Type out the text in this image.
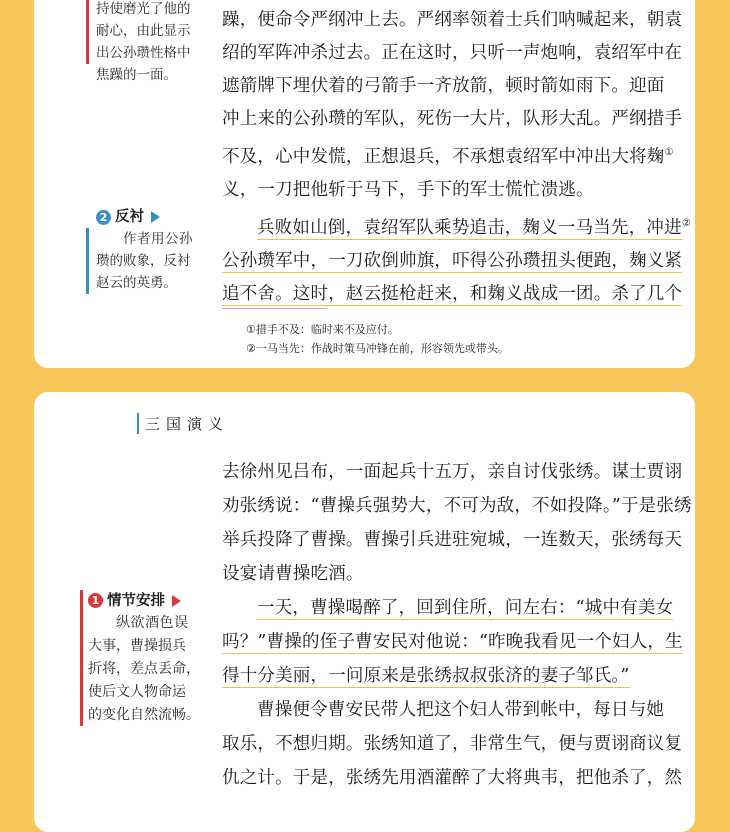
持使磨光了他的
耐心，由此显示
出公孙瓒性格中
焦躁的一面。
2 反衬
作者用公孙
瓒的败象，反衬
赵云的英勇。

躁，便命令严纲冲上去。严纲率领着士兵们呐喊起来，朝袁
绍的军阵冲杀过去。正在这时，只听一声炮响，袁绍军中在
遮箭牌下埋伏着的弓箭手一齐放箭，顿时箭如雨下。迎面
冲上来的公孙瓒的军队，死伤一大片，队形大乱。严纲措手
不及，心中发慌，正想退兵，不承想袁绍军中冲出大将麹①
义，一刀把他斩于马下，手下的军士慌忙溃逃。

兵败如山倒，袁绍军队乘势追击，麹义一马当先，冲进②
公孙瓒军中，一刀砍倒帅旗，吓得公孙瓒扭头便跑，麹义紧
追不舍。这时，赵云挺枪赶来，和麹义战成一团。杀了几个

①措手不及：临时来不及应付。
②一马当先：作战时策马冲锋在前，形容领先或带头。
三国演义
1 情节安排
纵欲酒色误
大事，曹操损兵
折将，差点丢命，
使后文人物命运
的变化自然流畅。

去徐州见吕布，一面起兵十五万，亲自讨伐张绣。谋士贾诩
劝张绣说：“曹操兵强势大，不可为敌，不如投降。”于是张绣
举兵投降了曹操。曹操引兵进驻宛城，一连数天，张绣每天
设宴请曹操吃酒。

一天，曹操喝醉了，回到住所，问左右：“城中有美女
吗？”曹操的侄子曹安民对他说：“昨晚我看见一个妇人，生
得十分美丽，一问原来是张绣叔叔张济的妻子邹氏。”

曹操便令曹安民带人把这个妇人带到帐中，每日与她
取乐，不想归期。张绣知道了，非常生气，便与贾诩商议复
仇之计。于是，张绣先用酒灌醉了大将典韦，把他杀了，然
